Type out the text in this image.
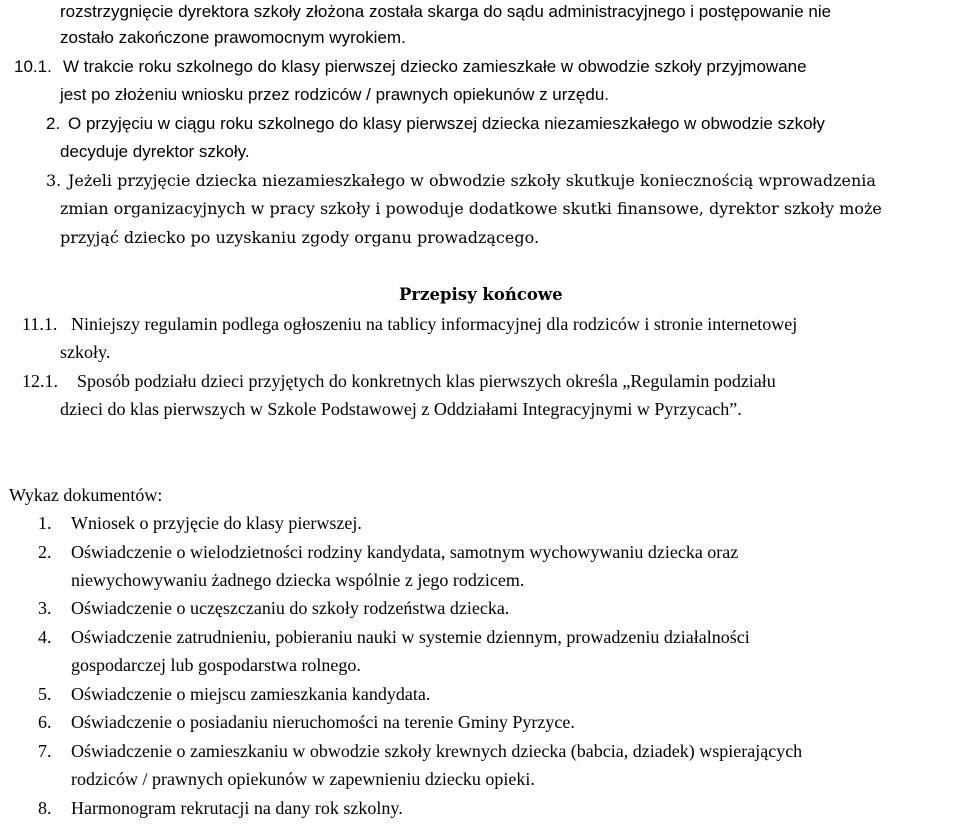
rozstrzygnięcie dyrektora szkoły złożona została skarga do sądu administracyjnego i postępowanie nie
zostało zakończone prawomocnym wyrokiem.
10.1. W trakcie roku szkolnego do klasy pierwszej dziecko zamieszkałe w obwodzie szkoły przyjmowane
jest po złożeniu wniosku przez rodziców / prawnych opiekunów z urzędu.
2. O przyjęciu w ciągu roku szkolnego do klasy pierwszej dziecka niezamieszkałego w obwodzie szkoły
decyduje dyrektor szkoły.
3. Jeżeli przyjęcie dziecka niezamieszkałego w obwodzie szkoły skutkuje koniecznością wprowadzenia
zmian organizacyjnych w pracy szkoły i powoduje dodatkowe skutki finansowe, dyrektor szkoły może
przyjąć dziecko po uzyskaniu zgody organu prowadzącego.
Przepisy końcowe
11.1. Niniejszy regulamin podlega ogłoszeniu na tablicy informacyjnej dla rodziców i stronie internetowej
szkoły.
12.1. Sposób podziału dzieci przyjętych do konkretnych klas pierwszych określa „Regulamin podziału
dzieci do klas pierwszych w Szkole Podstawowej z Oddziałami Integracyjnymi w Pyrzycach”.
Wykaz dokumentów:
1. Wniosek o przyjęcie do klasy pierwszej.
2. Oświadczenie o wielodzietności rodziny kandydata, samotnym wychowywaniu dziecka oraz
niewychowywaniu żadnego dziecka wspólnie z jego rodzicem.
3. Oświadczenie o uczęszczaniu do szkoły rodzeństwa dziecka.
4. Oświadczenie zatrudnieniu, pobieraniu nauki w systemie dziennym, prowadzeniu działalności
gospodarczej lub gospodarstwa rolnego.
5. Oświadczenie o miejscu zamieszkania kandydata.
6. Oświadczenie o posiadaniu nieruchomości na terenie Gminy Pyrzyce.
7. Oświadczenie o zamieszkaniu w obwodzie szkoły krewnych dziecka (babcia, dziadek) wspierających
rodziców / prawnych opiekunów w zapewnieniu dziecku opieki.
8. Harmonogram rekrutacji na dany rok szkolny.
